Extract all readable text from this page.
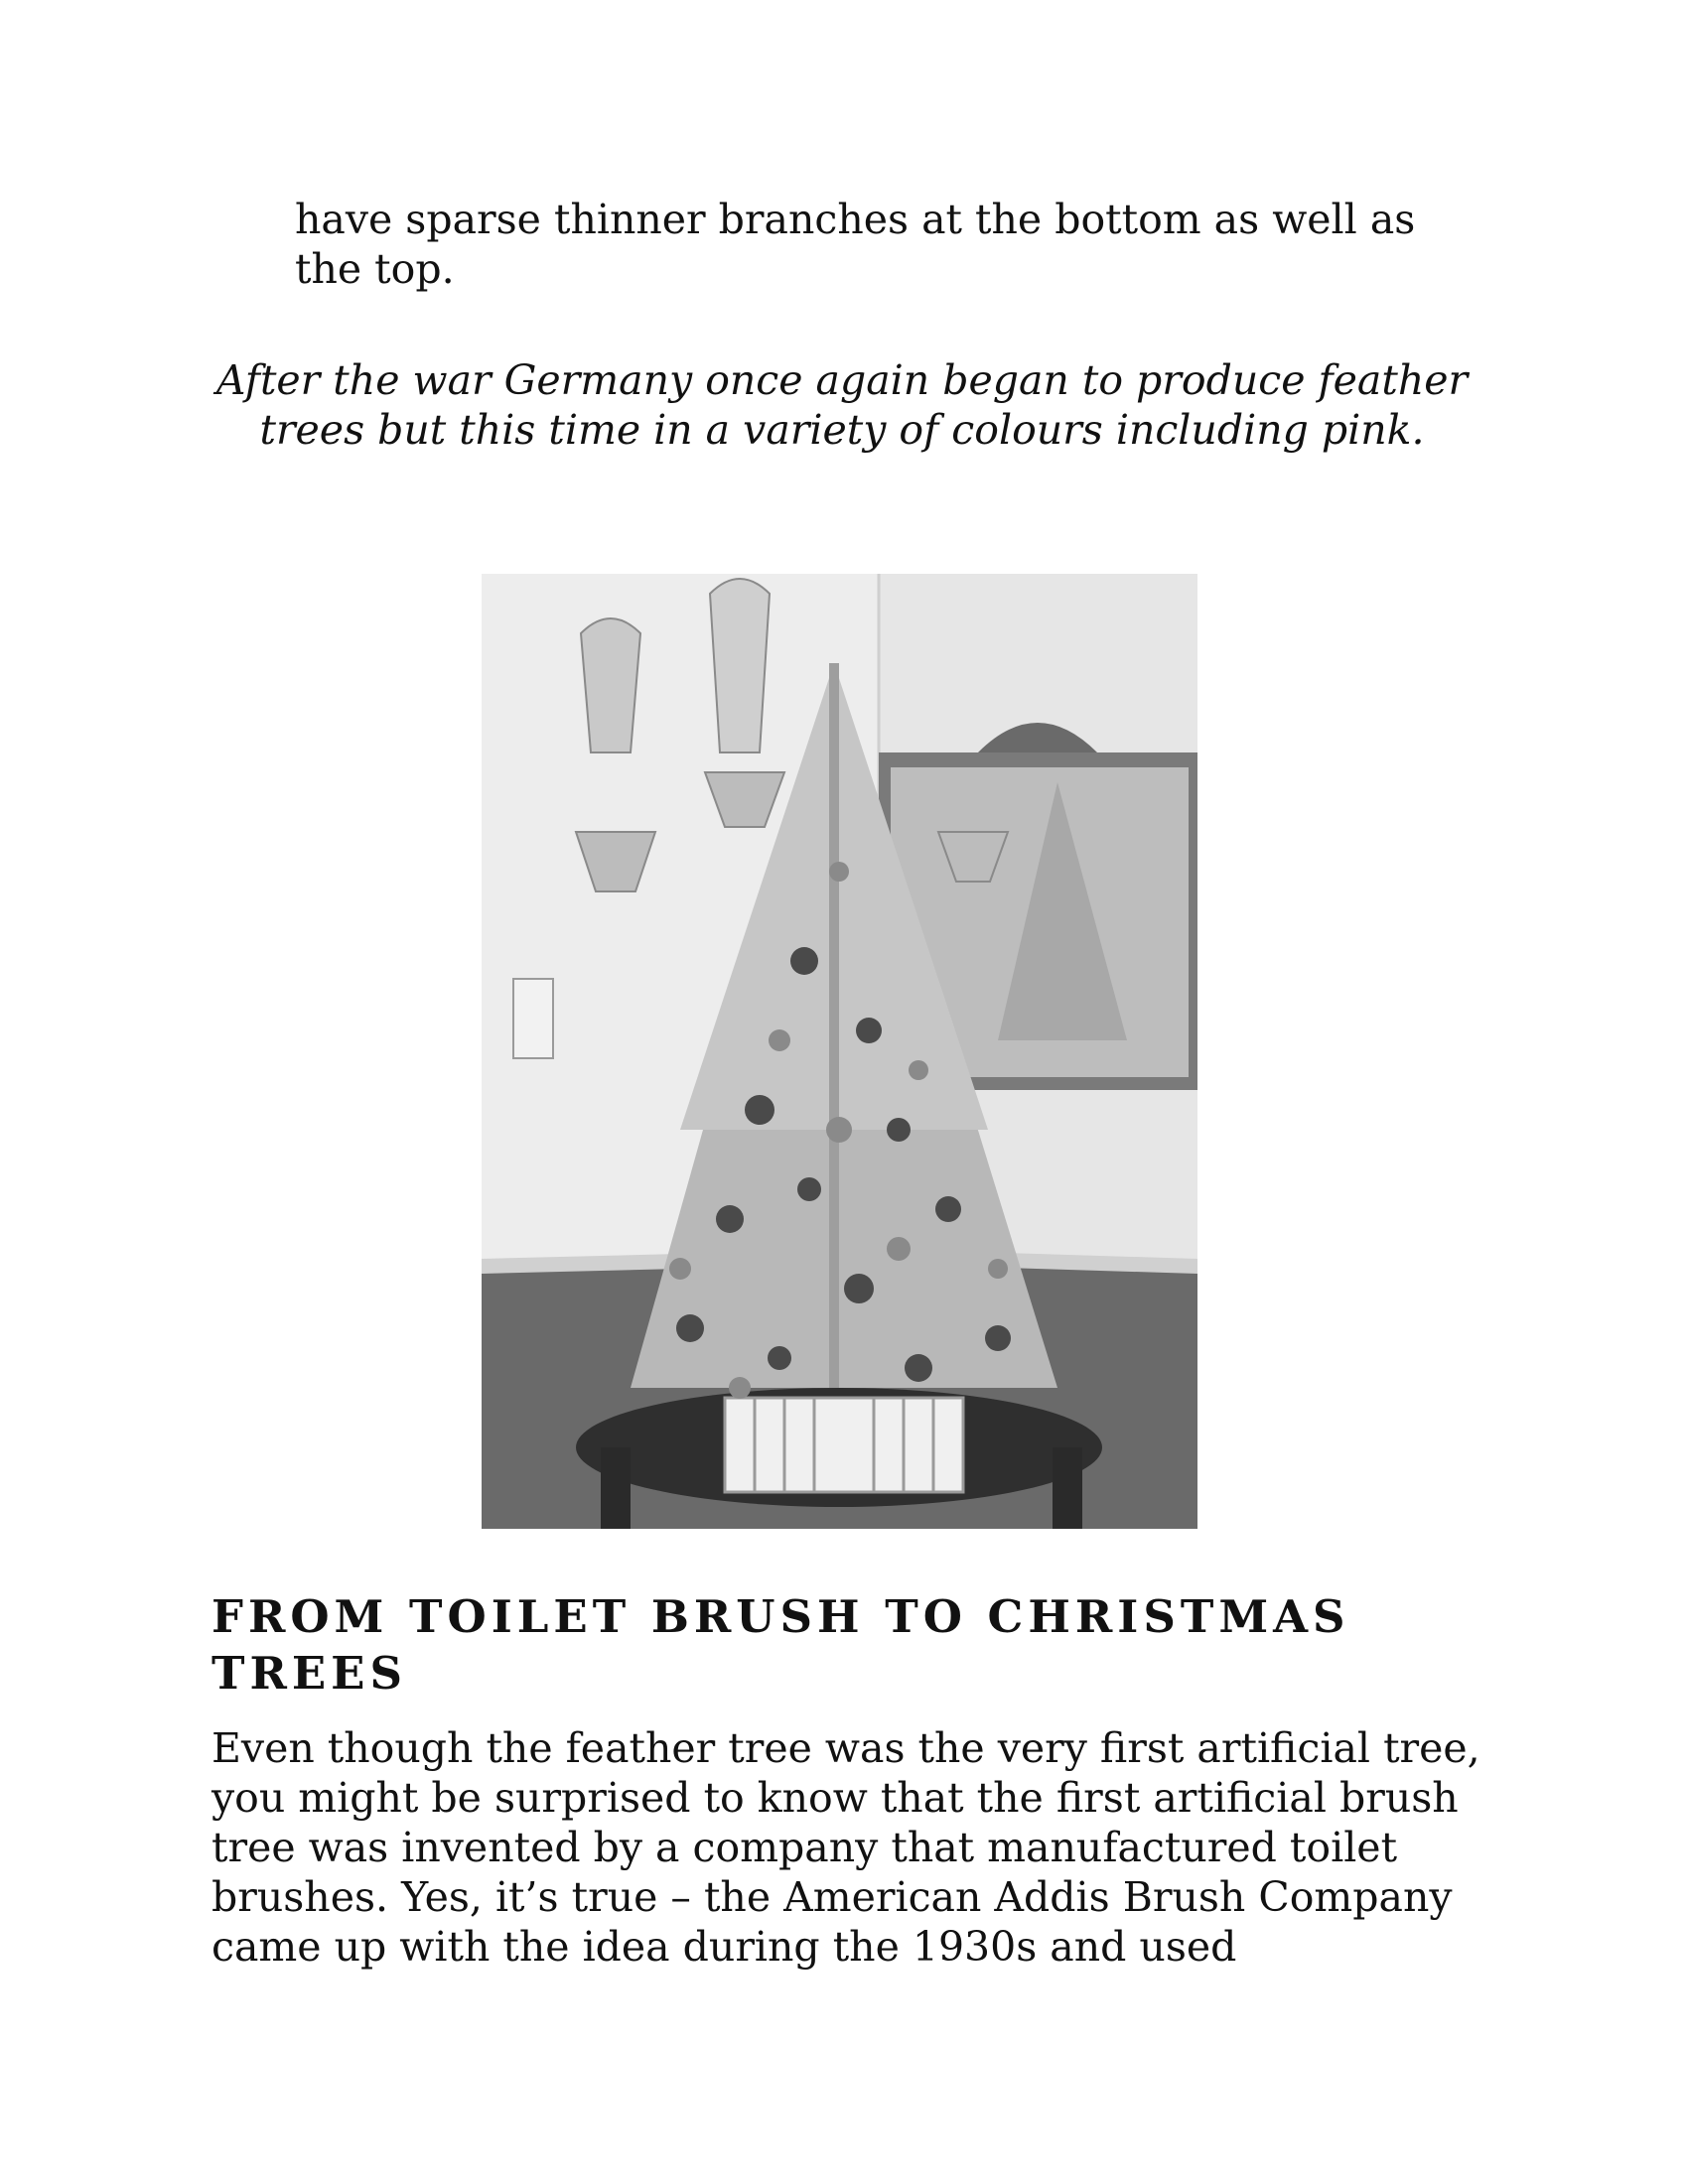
have sparse thinner branches at the bottom as well as the top.

After the war Germany once again began to produce feather trees but this time in a variety of colours including pink.

FROM TOILET BRUSH TO CHRISTMAS TREES

Even though the feather tree was the very first artificial tree, you might be surprised to know that the first artificial brush tree was invented by a company that manufactured toilet brushes. Yes, it’s true – the American Addis Brush Company came up with the idea during the 1930s and used
